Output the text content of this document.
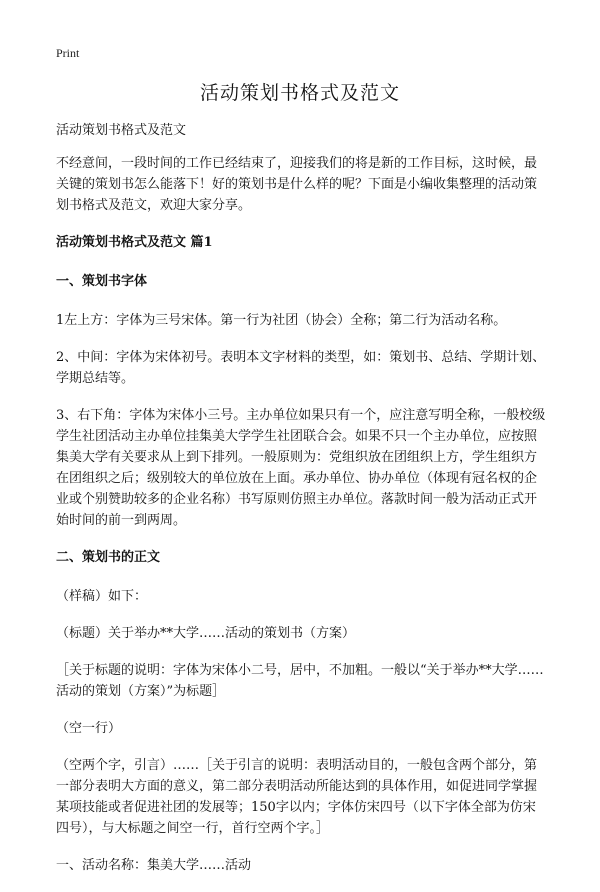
Print
活动策划书格式及范文

活动策划书格式及范文

不经意间，一段时间的工作已经结束了，迎接我们的将是新的工作目标，这时候，最关键的策划书怎么能落下！好的策划书是什么样的呢？下面是小编收集整理的活动策划书格式及范文，欢迎大家分享。

活动策划书格式及范文 篇1

一、策划书字体

1左上方：字体为三号宋体。第一行为社团（协会）全称；第二行为活动名称。

2、中间：字体为宋体初号。表明本文字材料的类型，如：策划书、总结、学期计划、学期总结等。

3、右下角：字体为宋体小三号。主办单位如果只有一个，应注意写明全称，一般校级学生社团活动主办单位挂集美大学学生社团联合会。如果不只一个主办单位，应按照集美大学有关要求从上到下排列。一般原则为：党组织放在团组织上方，学生组织方在团组织之后；级别较大的单位放在上面。承办单位、协办单位（体现有冠名权的企业或个别赞助较多的企业名称）书写原则仿照主办单位。落款时间一般为活动正式开始时间的前一到两周。

二、策划书的正文

（样稿）如下：

（标题）关于举办**大学……活动的策划书（方案）

［关于标题的说明：字体为宋体小二号，居中，不加粗。一般以“关于举办**大学……活动的策划（方案）”为标题］

（空一行）

（空两个字，引言）……［关于引言的说明：表明活动目的，一般包含两个部分，第一部分表明大方面的意义，第二部分表明活动所能达到的具体作用，如促进同学掌握某项技能或者促进社团的发展等；150字以内；字体仿宋四号（以下字体全部为仿宋四号），与大标题之间空一行，首行空两个字。］

一、活动名称：集美大学……活动
